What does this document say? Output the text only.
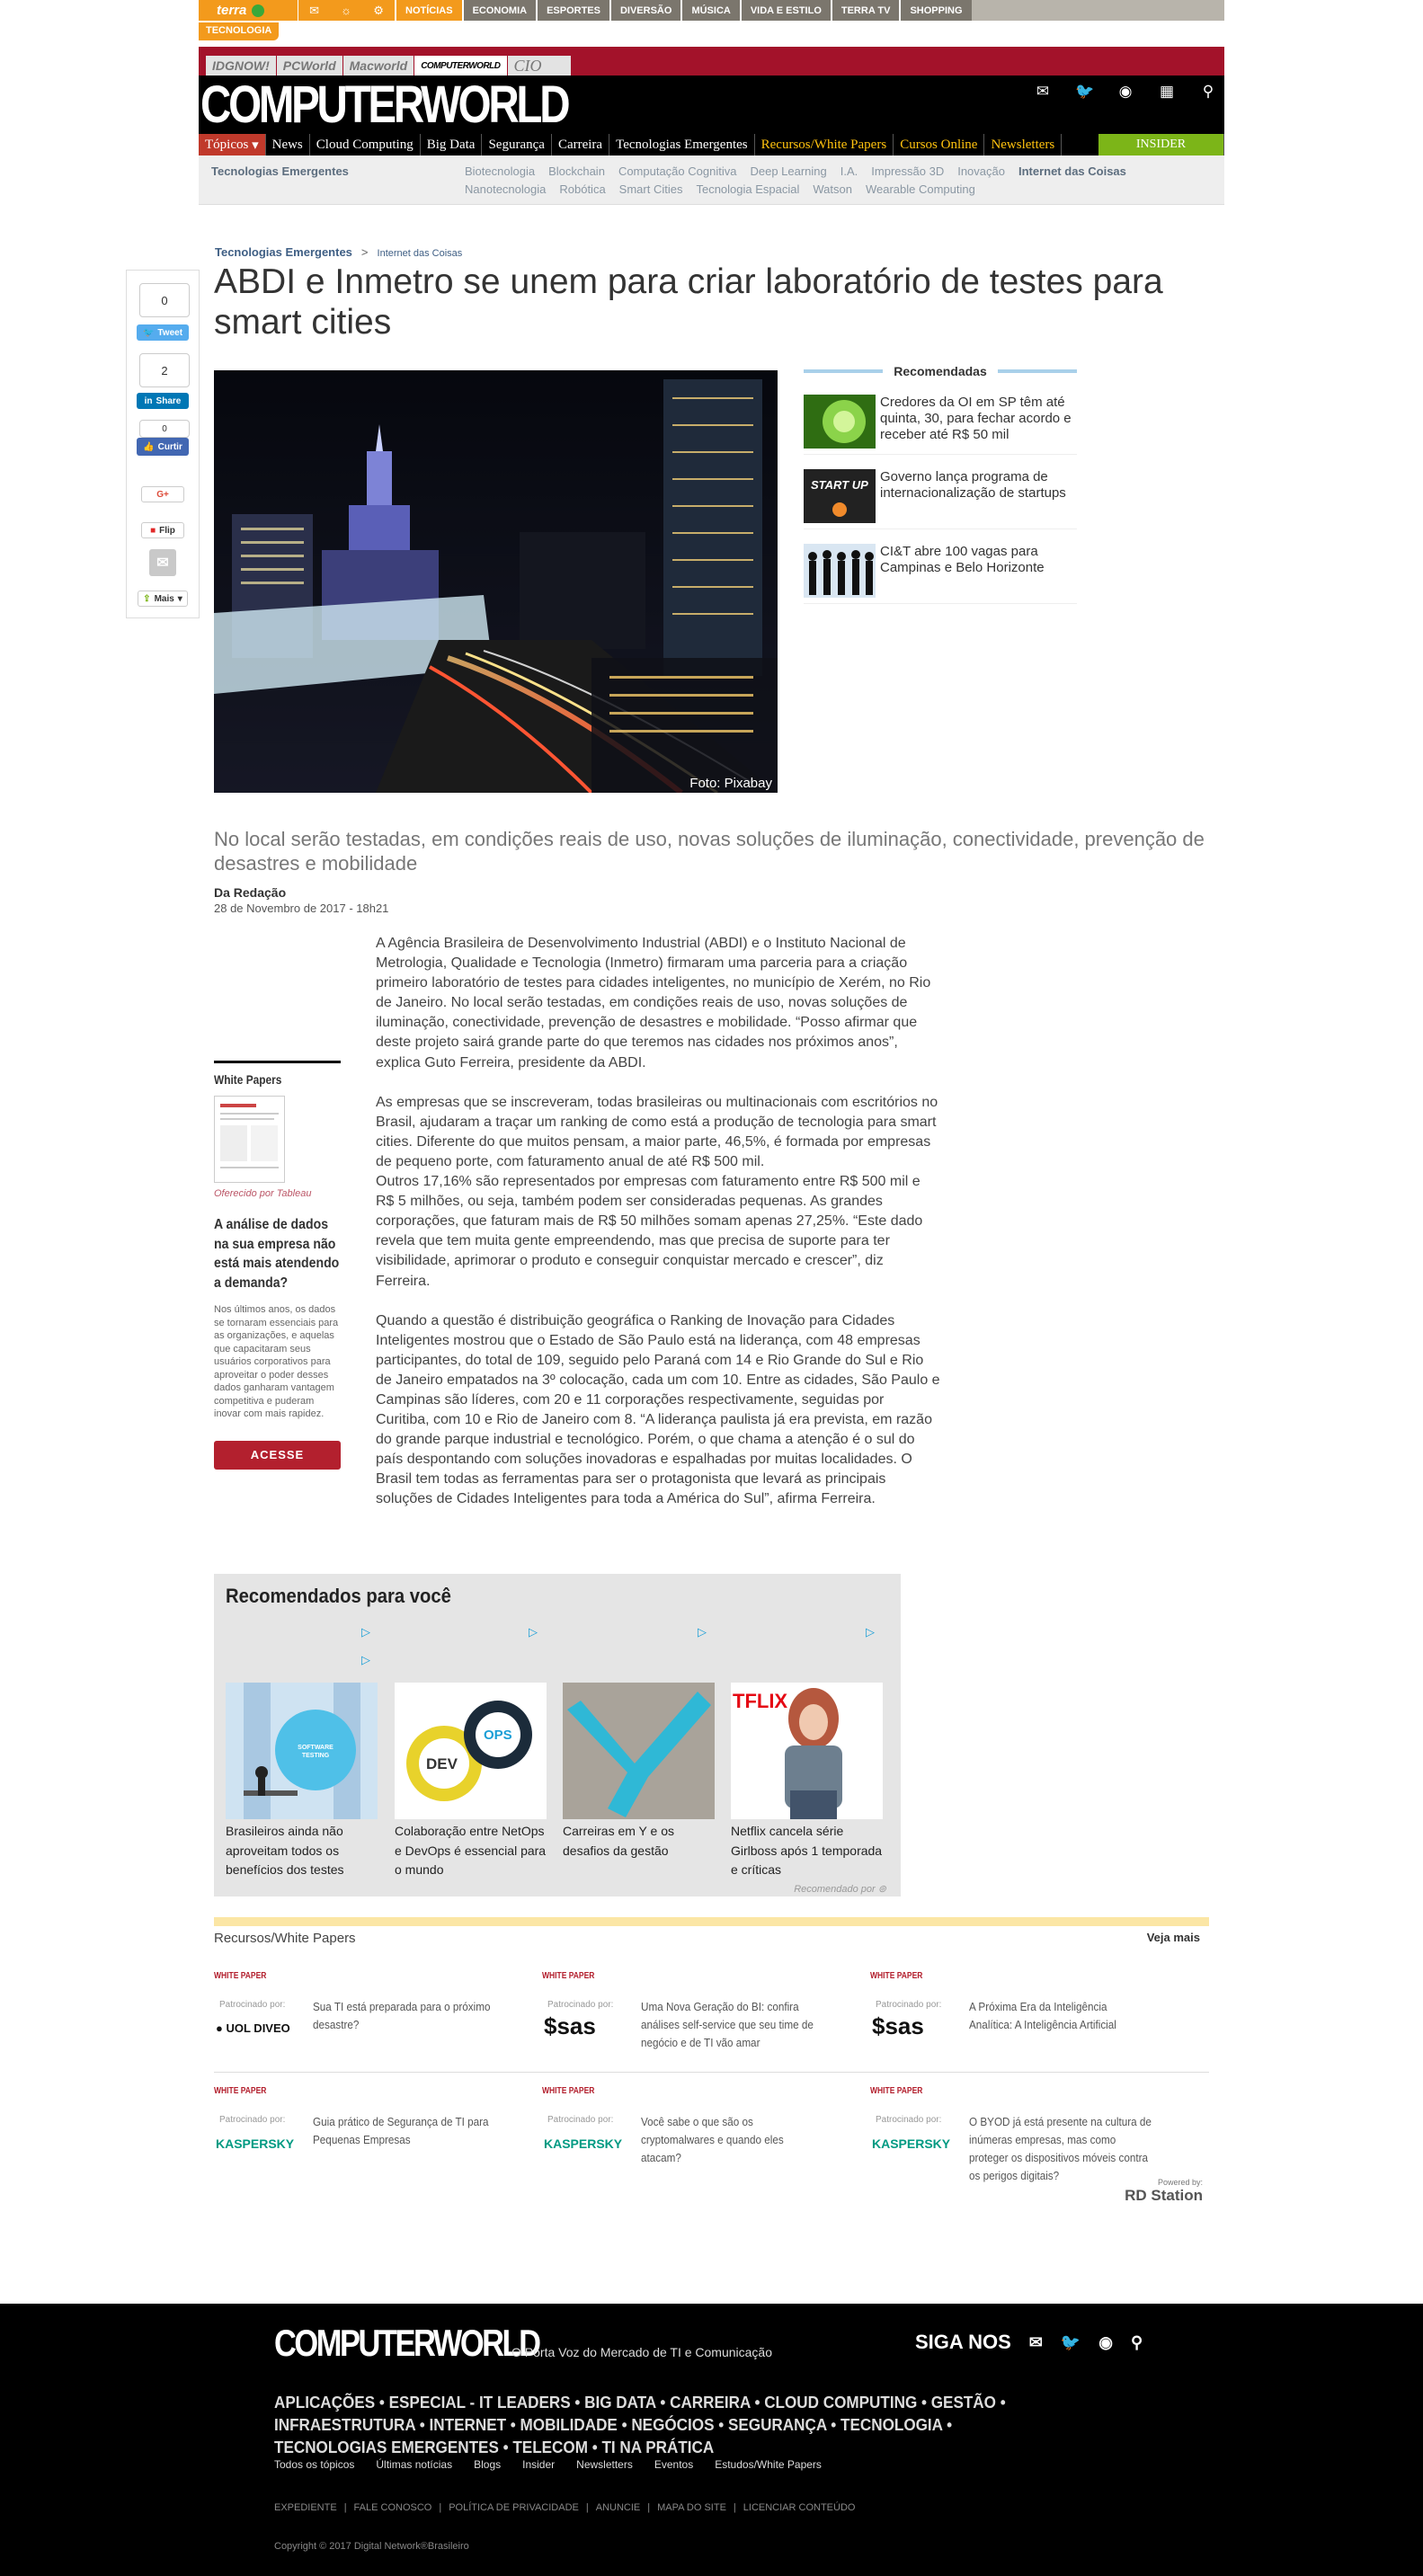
terra	✉ ☼ ⚙	NOTÍCIAS	ECONOMIA	ESPORTES	DIVERSÃO	MÚSICA	VIDA E ESTILO	TERRA TV	SHOPPING
TECNOLOGIA
IDGNOW!	PCWorld	Macworld	COMPUTERWORLD CIO
COMPUTERWORLD	✉ 🐦 ◉ ▦ ⚲
Tópicos
▾	News	Cloud Computing	Big Data	Segurança	Carreira	Tecnologias Emergentes	Recursos/White Papers	Cursos Online	Newsletters	INSIDER
Tecnologias Emergentes	Biotecnologia Blockchain Computação Cognitiva Deep Learning I.A. Impressão 3D Inovação Internet das Coisas
Nanotecnologia Robótica Smart Cities Tecnologia Espacial Watson Wearable Computing
0
🐦 Tweet
2
in Share
0
👍 Curtir
G+
■ Flip
✉
⇪ Mais ▾
Tecnologias Emergentes > Internet das Coisas
ABDI e Inmetro se unem para criar laboratório de testes para smart cities
Foto: Pixabay
Recomendadas
Credores da OI em SP têm até quinta, 30, para fechar acordo e receber até R$ 50 mil
START UP
Governo lança programa de internacionalização de startups
CI&T abre 100 vagas para Campinas e Belo Horizonte
No local serão testadas, em condições reais de uso, novas soluções de iluminação, conectividade, prevenção de desastres e mobilidade
Da Redação
28 de Novembro de 2017 - 18h21
White Papers
Oferecido por Tableau
A análise de dados na sua empresa não está mais atendendo a demanda?
Nos últimos anos, os dados se tornaram essenciais para as organizações, e aquelas que capacitaram seus usuários corporativos para aproveitar o poder desses dados ganharam vantagem competitiva e puderam inovar com mais rapidez.
ACESSE

A Agência Brasileira de Desenvolvimento Industrial (ABDI) e o Instituto Nacional de Metrologia, Qualidade e Tecnologia (Inmetro) firmaram uma parceria para a criação primeiro laboratório de testes para cidades inteligentes, no município de Xerém, no Rio de Janeiro. No local serão testadas, em condições reais de uso, novas soluções de iluminação, conectividade, prevenção de desastres e mobilidade. “Posso afirmar que deste projeto sairá grande parte do que teremos nas cidades nos próximos anos”, explica Guto Ferreira, presidente da ABDI.

As empresas que se inscreveram, todas brasileiras ou multinacionais com escritórios no Brasil, ajudaram a traçar um ranking de como está a produção de tecnologia para smart cities. Diferente do que muitos pensam, a maior parte, 46,5%, é formada por empresas de pequeno porte, com faturamento anual de até R$ 500 mil.
Outros 17,16% são representados por empresas com faturamento entre R$ 500 mil e R$ 5 milhões, ou seja, também podem ser consideradas pequenas. As grandes corporações, que faturam mais de R$ 50 milhões somam apenas 27,25%. “Este dado revela que tem muita gente empreendendo, mas que precisa de suporte para ter visibilidade, aprimorar o produto e conseguir conquistar mercado e crescer”, diz Ferreira.

Quando a questão é distribuição geográfica o Ranking de Inovação para Cidades Inteligentes mostrou que o Estado de São Paulo está na liderança, com 48 empresas participantes, do total de 109, seguido pelo Paraná com 14 e Rio Grande do Sul e Rio de Janeiro empatados na 3º colocação, cada um com 10. Entre as cidades, São Paulo e Campinas são líderes, com 20 e 11 corporações respectivamente, seguidas por Curitiba, com 10 e Rio de Janeiro com 8. “A liderança paulista já era prevista, em razão do grande parque industrial e tecnológico. Porém, o que chama a atenção é o sul do país despontando com soluções inovadoras e espalhadas por muitas localidades. O Brasil tem todas as ferramentas para ser o protagonista que levará as principais soluções de Cidades Inteligentes para toda a América do Sul”, afirma Ferreira.

Recomendados para você
▷	▷	▷	▷
▷
SOFTWARE TESTING
Brasileiros ainda não aproveitam todos os benefícios dos testes
DEV
OPS
Colaboração entre NetOps e DevOps é essencial para o mundo
Carreiras em Y e os desafios da gestão
TFLIX
Netflix cancela série Girlboss após 1 temporada e críticas
Recomendado por ⊚
Recursos/White Papers	Veja mais
WHITE PAPER
Patrocinado por:
● UOL DIVEO
Sua TI está preparada para o próximo desastre?
WHITE PAPER
Patrocinado por:
$sas
Uma Nova Geração do BI: confira análises self-service que seu time de negócio e de TI vão amar
WHITE PAPER
Patrocinado por:
$sas
A Próxima Era da Inteligência Analítica: A Inteligência Artificial
WHITE PAPER
Patrocinado por:
KASPERSKY
Guia prático de Segurança de TI para Pequenas Empresas
WHITE PAPER
Patrocinado por:
KASPERSKY
Você sabe o que são os cryptomalwares e quando eles atacam?
WHITE PAPER
Patrocinado por:
KASPERSKY
O BYOD já está presente na cultura de inúmeras empresas, mas como proteger os dispositivos móveis contra os perigos digitais?	Powered by:
RD Station
COMPUTERWORLD
O Porta Voz do Mercado de TI e Comunicação	SIGA NOS ✉ 🐦 ◉ ⚲
APLICAÇÕES • ESPECIAL - IT LEADERS • BIG DATA • CARREIRA • CLOUD COMPUTING • GESTÃO • INFRAESTRUTURA • INTERNET • MOBILIDADE • NEGÓCIOS • SEGURANÇA • TECNOLOGIA • TECNOLOGIAS EMERGENTES • TELECOM • TI NA PRÁTICA
Todos os tópicos Últimas notícias Blogs Insider Newsletters Eventos Estudos/White Papers
EXPEDIENTE | FALE CONOSCO | POLÍTICA DE PRIVACIDADE | ANUNCIE | MAPA DO SITE | LICENCIAR CONTEÚDO
Copyright © 2017 Digital Network®Brasileiro
